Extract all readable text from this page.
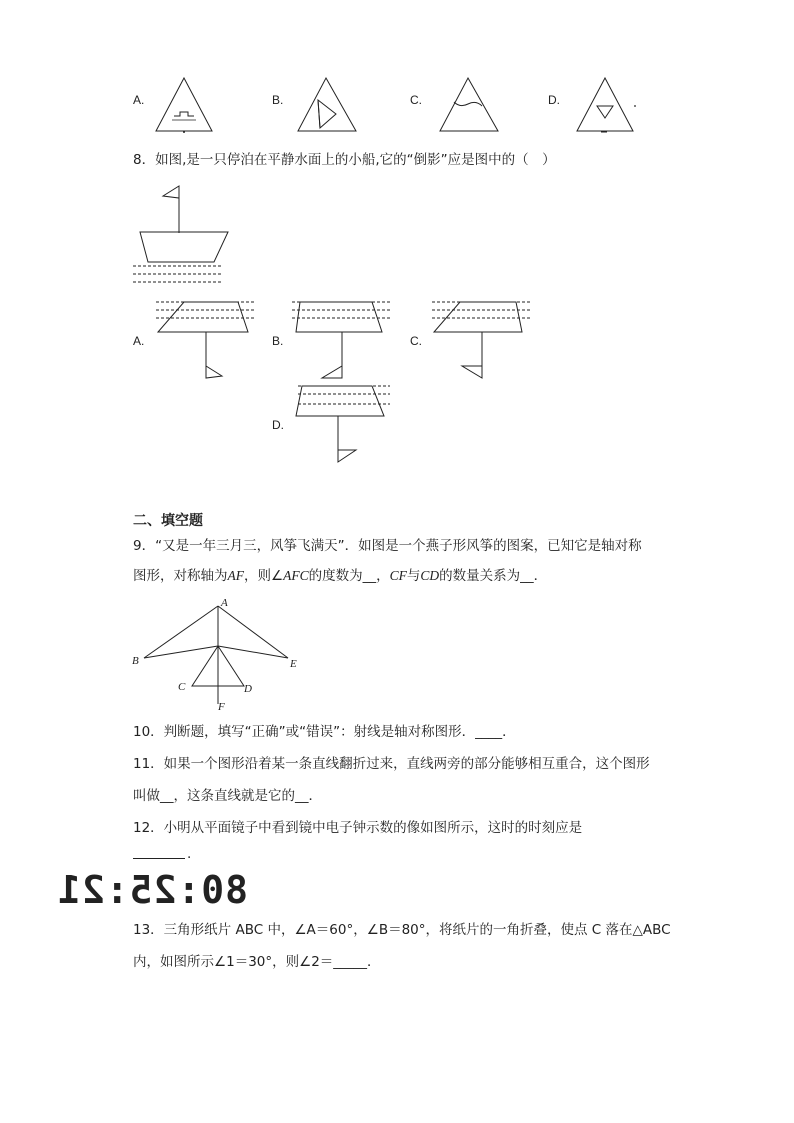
A.	B.	C.	D.
8．如图,是一只停泊在平静水面上的小船,它的“倒影”应是图中的（　）
A.	B.	C.
D.
二、填空题
9．“又是一年三月三，风筝飞满天”．如图是一个燕子形风筝的图案，已知它是轴对称
图形，对称轴为AF，则∠AFC的度数为__，CF与CD的数量关系为__．
A
B	E
C	D
F
10．判断题，填写“正确”或“错误”：射线是轴对称图形．____．
11．如果一个图形沿着某一条直线翻折过来，直线两旁的部分能够相互重合，这个图形
叫做__，这条直线就是它的__．
12．小明从平面镜子中看到镜中电子钟示数的像如图所示，这时的时刻应是
.
80:25:21
13．三角形纸片 ABC 中，∠A＝60°，∠B＝80°，将纸片的一角折叠，使点 C 落在△ABC
内，如图所示∠1＝30°，则∠2＝_____．
